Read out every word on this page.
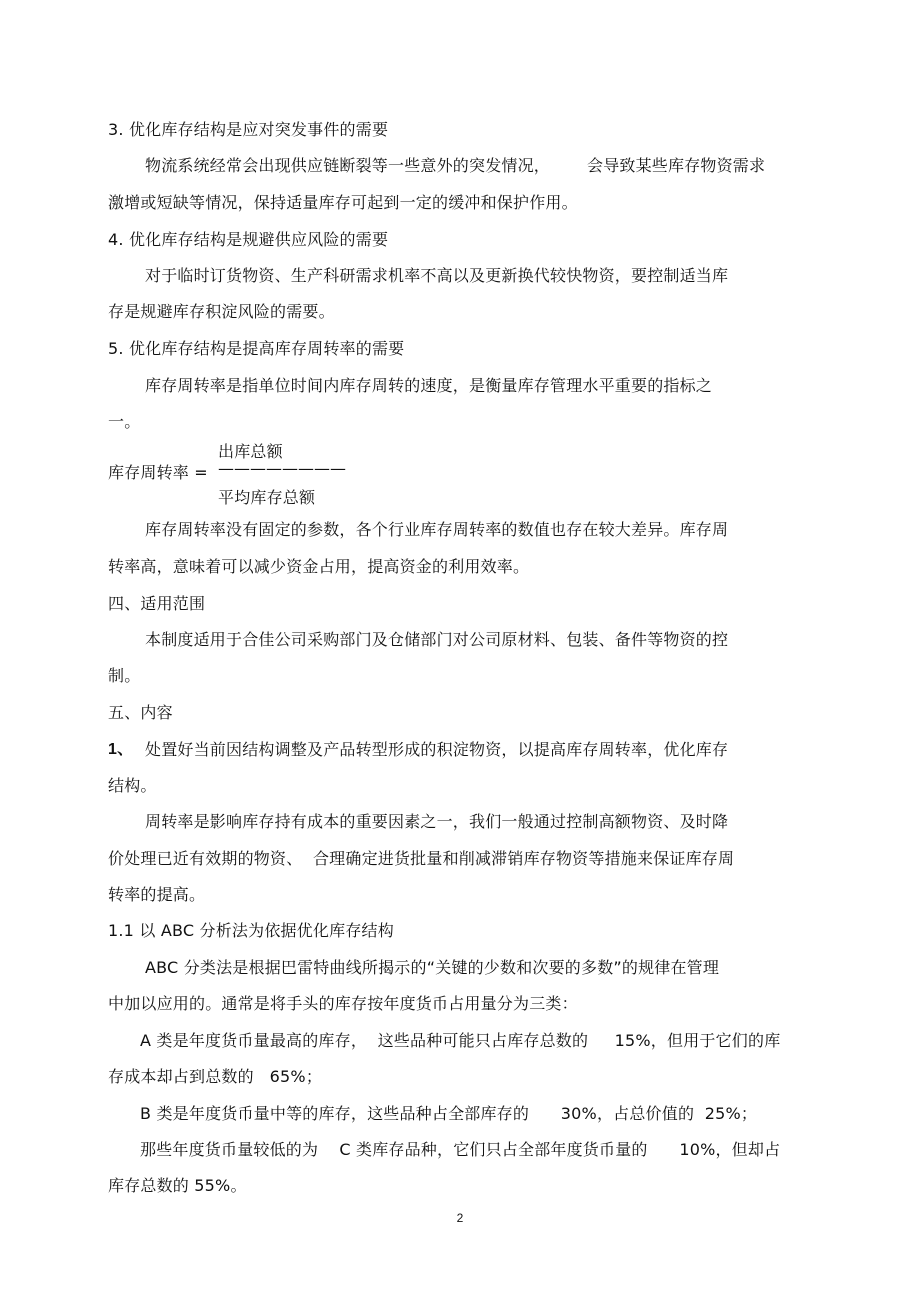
3. 优化库存结构是应对突发事件的需要
物流系统经常会出现供应链断裂等一些意外的突发情况，       会导致某些库存物资需求
激增或短缺等情况，保持适量库存可起到一定的缓冲和保护作用。
4. 优化库存结构是规避供应风险的需要
对于临时订货物资、生产科研需求机率不高以及更新换代较快物资，要控制适当库
存是规避库存积淀风险的需要。
5. 优化库存结构是提高库存周转率的需要
库存周转率是指单位时间内库存周转的速度，是衡量库存管理水平重要的指标之
一。
出库总额
库存周转率 = ————————
平均库存总额
库存周转率没有固定的参数，各个行业库存周转率的数值也存在较大差异。库存周
转率高，意味着可以减少资金占用，提高资金的利用效率。
四、适用范围
本制度适用于合佳公司采购部门及仓储部门对公司原材料、包装、备件等物资的控
制。
五、内容
1、 处置好当前因结构调整及产品转型形成的积淀物资，以提高库存周转率，优化库存
结构。
周转率是影响库存持有成本的重要因素之一，我们一般通过控制高额物资、及时降
价处理已近有效期的物资、  合理确定进货批量和削减滞销库存物资等措施来保证库存周
转率的提高。
1.1 以 ABC 分析法为依据优化库存结构
ABC 分类法是根据巴雷特曲线所揭示的“关键的少数和次要的多数”的规律在管理
中加以应用的。通常是将手头的库存按年度货币占用量分为三类：
A 类是年度货币量最高的库存，  这些品种可能只占库存总数的     15%，但用于它们的库
存成本却占到总数的   65%；
B 类是年度货币量中等的库存，这些品种占全部库存的      30%，占总价值的  25%；
那些年度货币量较低的为    C 类库存品种，它们只占全部年度货币量的      10%，但却占
库存总数的 55%。
2
